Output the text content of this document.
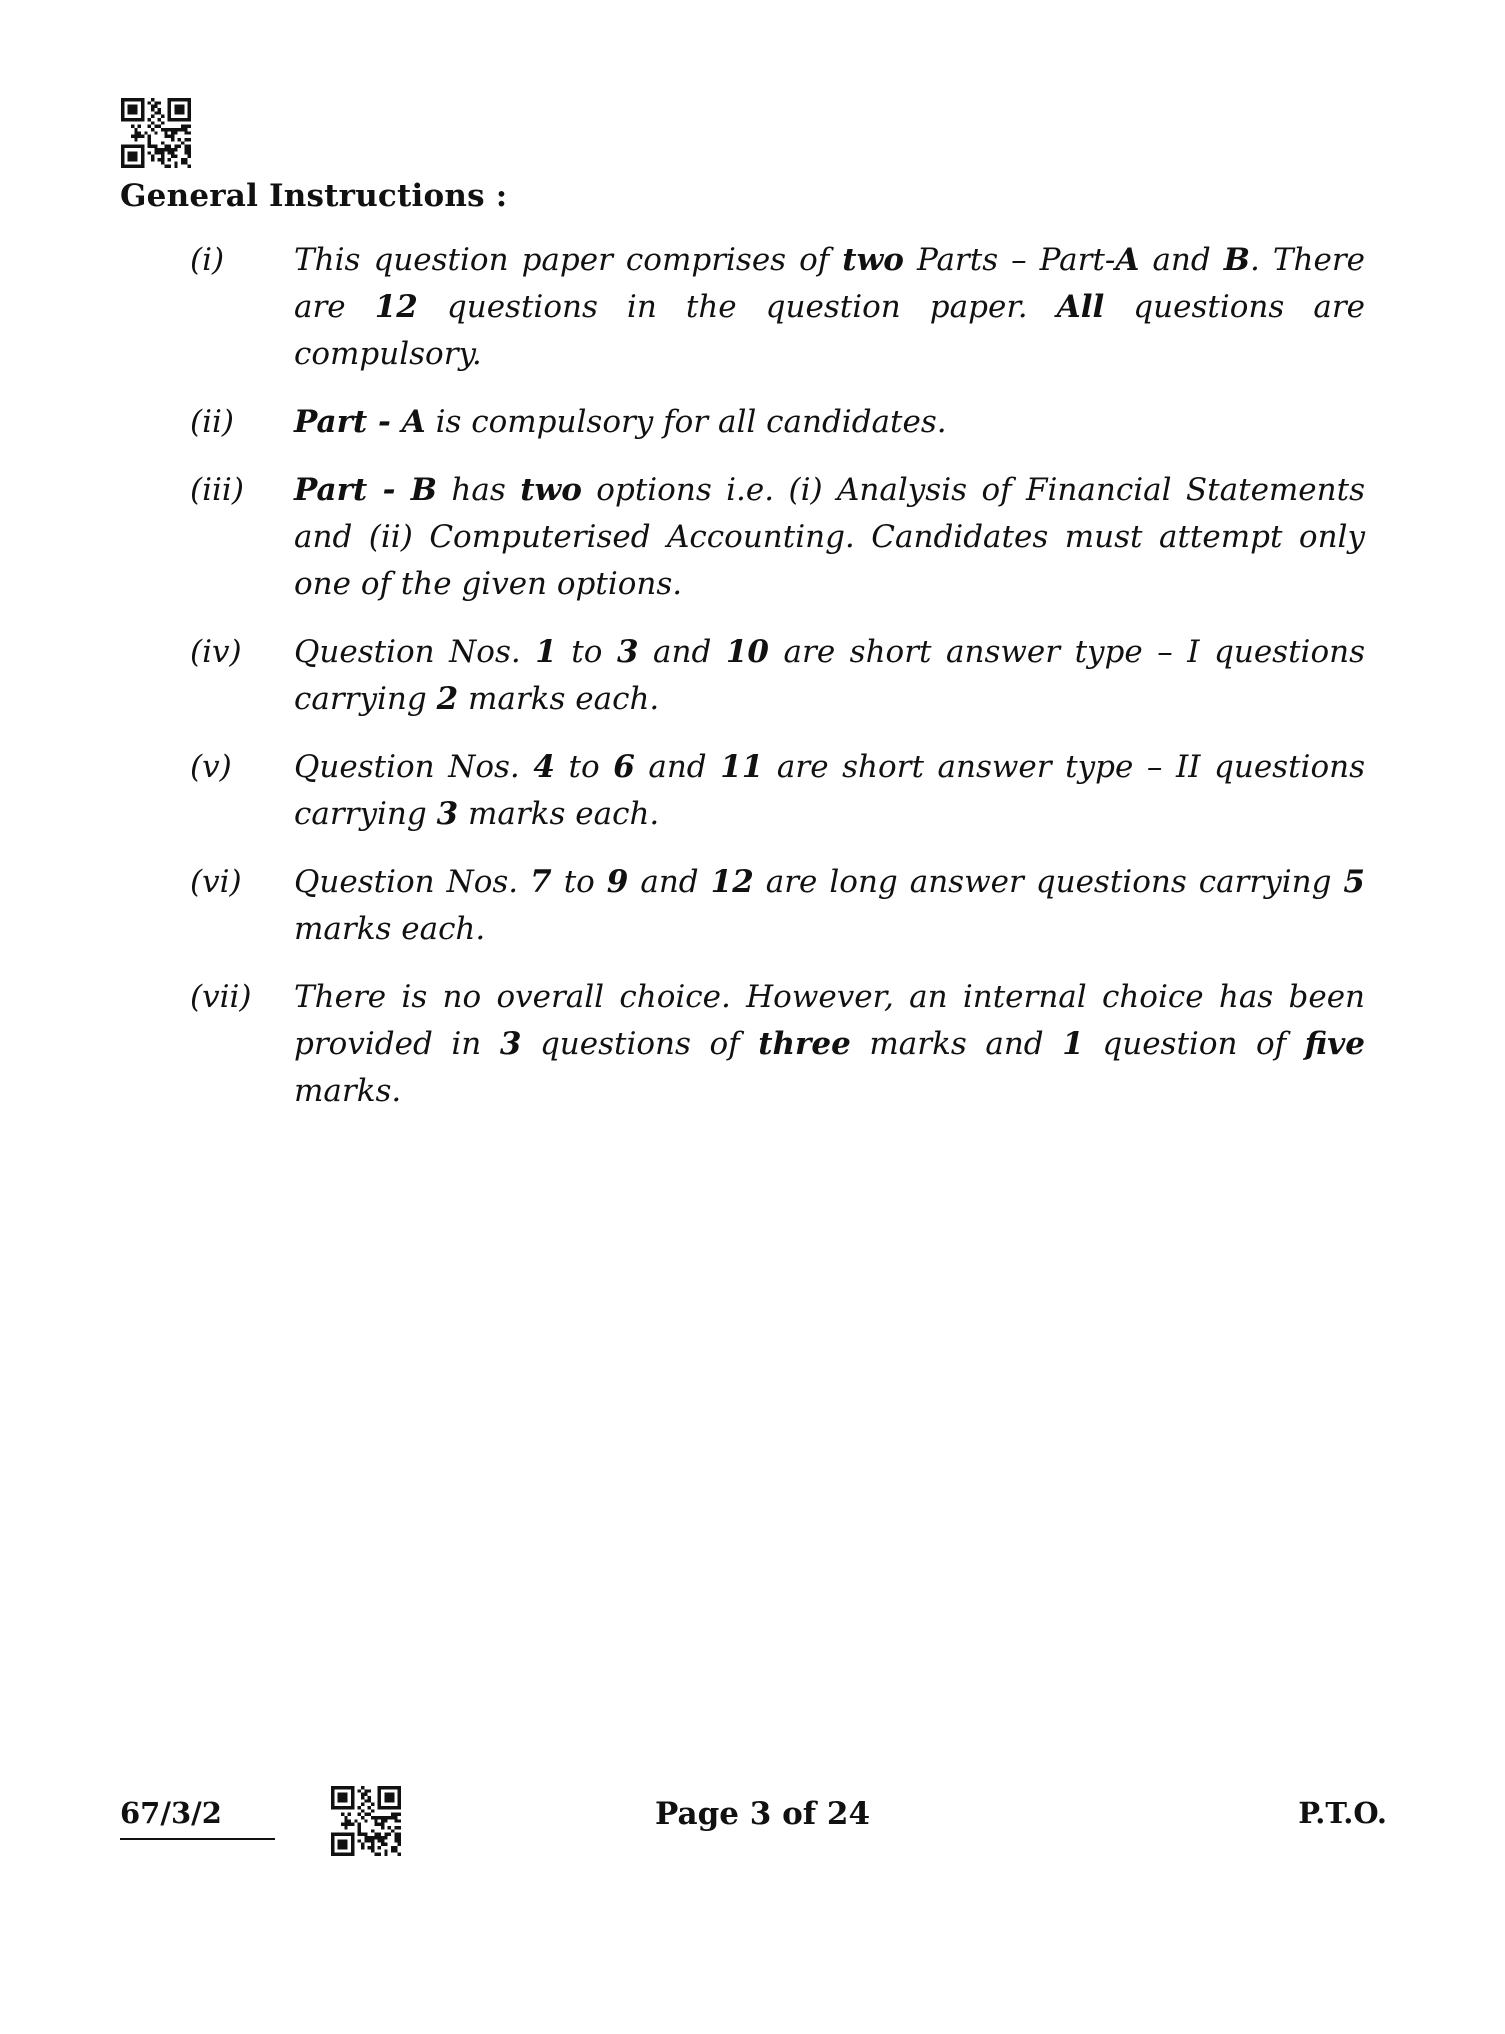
General Instructions :
(i)	This question paper comprises of two Parts – Part-A and B. There are 12 questions in the question paper. All questions are compulsory.
(ii)	Part - A is compulsory for all candidates.
(iii)	Part - B has two options i.e. (i) Analysis of Financial Statements and (ii) Computerised Accounting. Candidates must attempt only one of the given options.
(iv)	Question Nos. 1 to 3 and 10 are short answer type – I questions carrying 2 marks each.
(v)	Question Nos. 4 to 6 and 11 are short answer type – II questions carrying 3 marks each.
(vi)	Question Nos. 7 to 9 and 12 are long answer questions carrying 5 marks each.
(vii)	There is no overall choice. However, an internal choice has been provided in 3 questions of three marks and 1 question of five marks.
67/3/2	Page 3 of 24	P.T.O.
